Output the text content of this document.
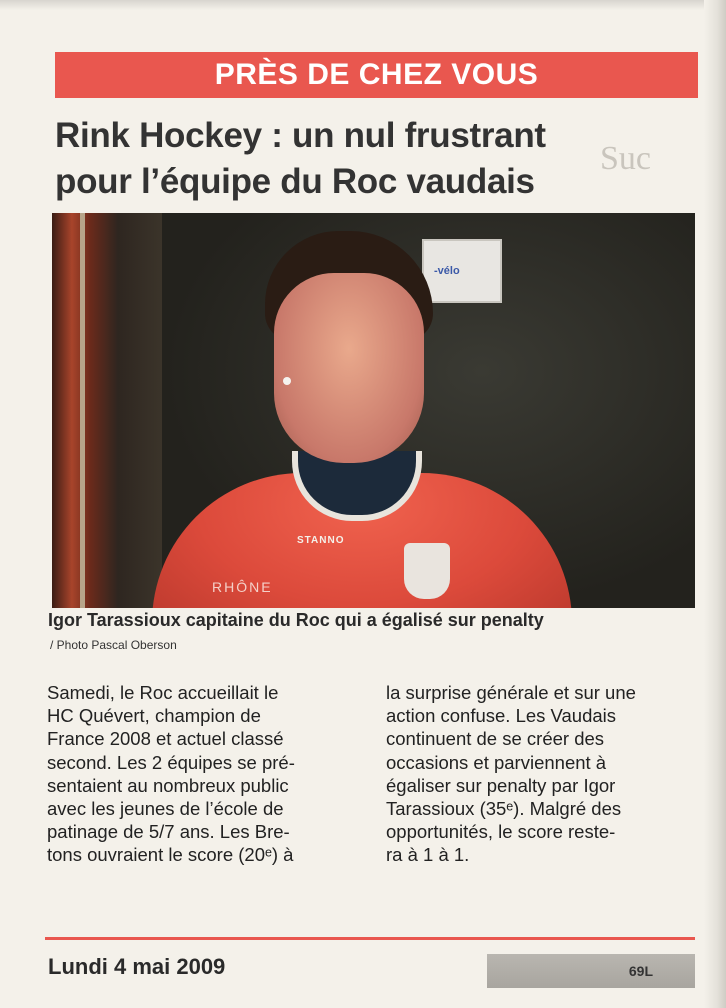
Suc
PRÈS DE CHEZ VOUS
Rink Hockey : un nul frustrant
pour l’équipe du Roc vaudais
-vélo
STANNO
RHÔNE
Igor Tarassioux capitaine du Roc qui a égalisé sur penalty
/ Photo Pascal Oberson
Samedi, le Roc accueillait le
HC Quévert, champion de
France 2008 et actuel classé
second. Les 2 équipes se pré-
sentaient au nombreux public
avec les jeunes de l’école de
patinage de 5/7 ans. Les Bre-
tons ouvraient le score (20ᵉ) à
la surprise générale et sur une
action confuse. Les Vaudais
continuent de se créer des
occasions et parviennent à
égaliser sur penalty par Igor
Tarassioux (35ᵉ). Malgré des
opportunités, le score reste-
ra à 1 à 1.
Lundi 4 mai 2009	69L
